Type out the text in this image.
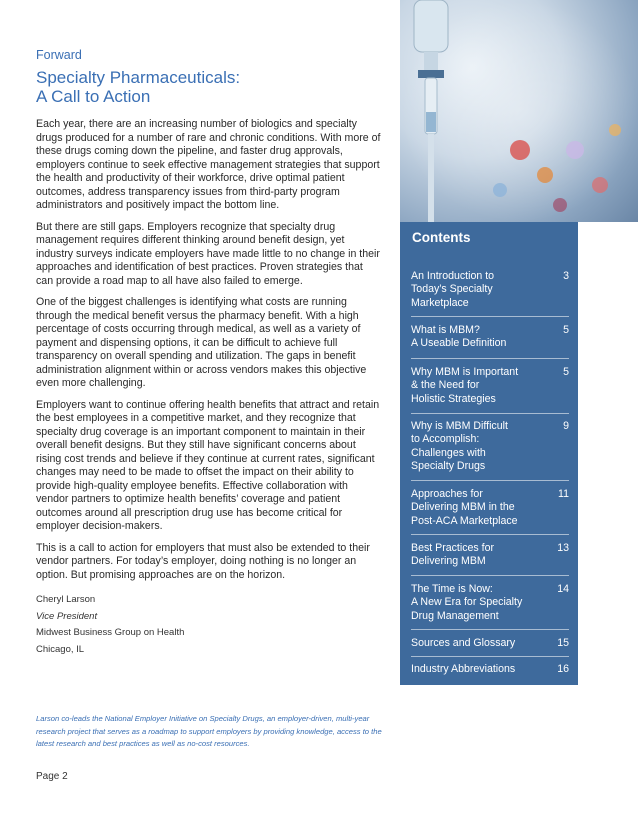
Forward

Specialty Pharmaceuticals:
A Call to Action

Each year, there are an increasing number of biologics and specialty drugs produced for a number of rare and chronic conditions. With more of these drugs coming down the pipeline, and faster drug approvals, employers continue to seek effective management strategies that support the health and productivity of their workforce, drive optimal patient outcomes, address transparency issues from third-party program administrators and positively impact the bottom line.

But there are still gaps. Employers recognize that specialty drug management requires different thinking around benefit design, yet industry surveys indicate employers have made little to no change in their approaches and identification of best practices. Proven strategies that can provide a road map to all have also failed to emerge.

One of the biggest challenges is identifying what costs are running through the medical benefit versus the pharmacy benefit. With a high percentage of costs occurring through medical, as well as a variety of payment and dispensing options, it can be difficult to achieve full transparency on overall spending and utilization. The gaps in benefit administration alignment within or across vendors makes this objective even more challenging.

Employers want to continue offering health benefits that attract and retain the best employees in a competitive market, and they recognize that specialty drug coverage is an important component to maintain in their overall benefit designs. But they still have significant concerns about rising cost trends and believe if they continue at current rates, significant changes may need to be made to offset the impact on their ability to provide high-quality employee benefits. Effective collaboration with vendor partners to optimize health benefits’ coverage and patient outcomes around all prescription drug use has become critical for employer decision-makers.

This is a call to action for employers that must also be extended to their vendor partners. For today’s employer, doing nothing is no longer an option. But promising approaches are on the horizon.

Cheryl Larson
Vice President
Midwest Business Group on Health
Chicago, IL

Larson co-leads the National Employer Initiative on Specialty Drugs, an employer-driven, multi-year research project that serves as a roadmap to support employers by providing knowledge, access to the latest research and best practices as well as no-cost resources.

Page 2
Contents
An Introduction to
Today’s Specialty
Marketplace
3
What is MBM?
A Useable Definition
5
Why MBM is Important
& the Need for
Holistic Strategies
5
Why is MBM Difficult
to Accomplish:
Challenges with
Specialty Drugs
9
Approaches for
Delivering MBM in the
Post-ACA Marketplace
11
Best Practices for
Delivering MBM
13
The Time is Now:
A New Era for Specialty
Drug Management
14
Sources and Glossary	15
Industry Abbreviations	16
